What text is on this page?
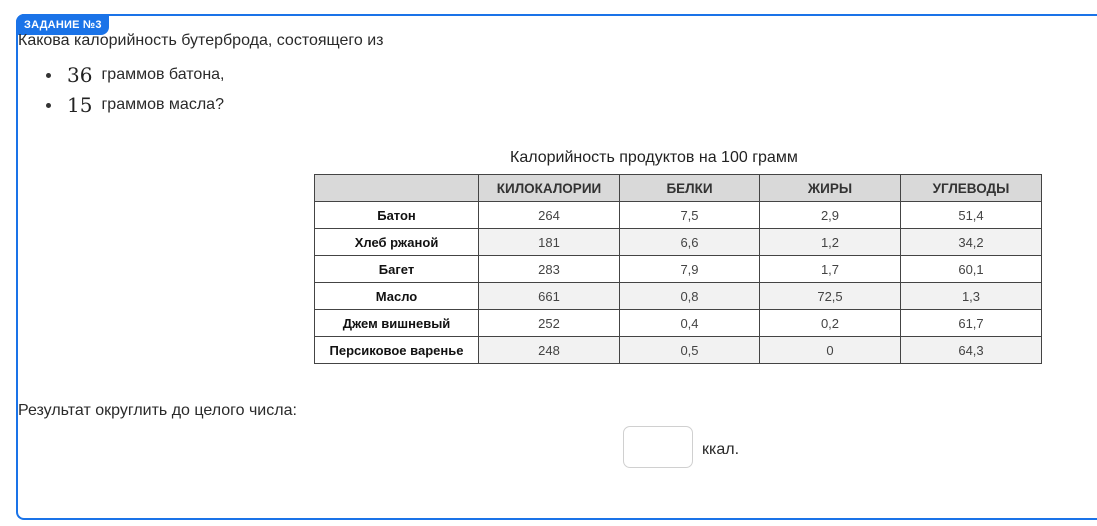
ЗАДАНИЕ №3
Какова калорийность бутерброда, состоящего из
36 граммов батона,
15 граммов масла?
Калорийность продуктов на 100 грамм
	КИЛОКАЛОРИИ	БЕЛКИ	ЖИРЫ	УГЛЕВОДЫ
Батон	264	7,5	2,9	51,4
Хлеб ржаной	181	6,6	1,2	34,2
Багет	283	7,9	1,7	60,1
Масло	661	0,8	72,5	1,3
Джем вишневый	252	0,4	0,2	61,7
Персиковое варенье	248	0,5	0	64,3
Результат округлить до целого числа:
ккал.
